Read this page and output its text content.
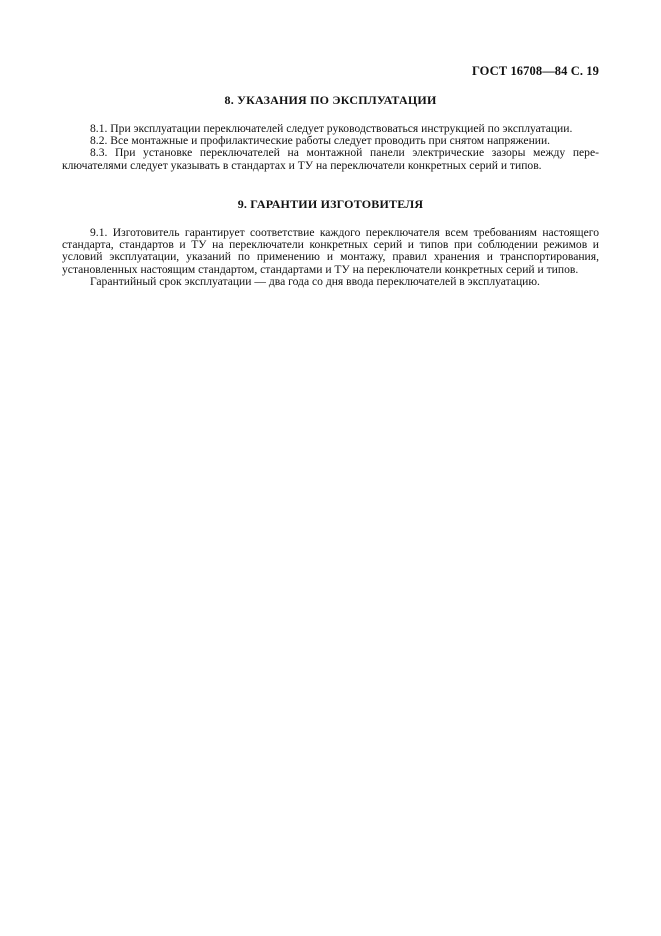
ГОСТ 16708—84 С. 19
8. УКАЗАНИЯ ПО ЭКСПЛУАТАЦИИ

8.1. При эксплуатации переключателей следует руководствоваться инструкцией по эксплуатации.

8.2. Все монтажные и профилактические работы следует проводить при снятом напряжении.

8.3. При установке переключателей на монтажной панели электрические зазоры между переключателями следует указывать в стандартах и ТУ на переключатели конкретных серий и типов.

9. ГАРАНТИИ ИЗГОТОВИТЕЛЯ

9.1. Изготовитель гарантирует соответствие каждого переключателя всем требованиям настоящего стандарта, стандартов и ТУ на переключатели конкретных серий и типов при соблюдении режимов и условий эксплуатации, указаний по применению и монтажу, правил хранения и транспортирования, установленных настоящим стандартом, стандартами и ТУ на переключатели конкретных серий и типов.

Гарантийный срок эксплуатации — два года со дня ввода переключателей в эксплуатацию.
